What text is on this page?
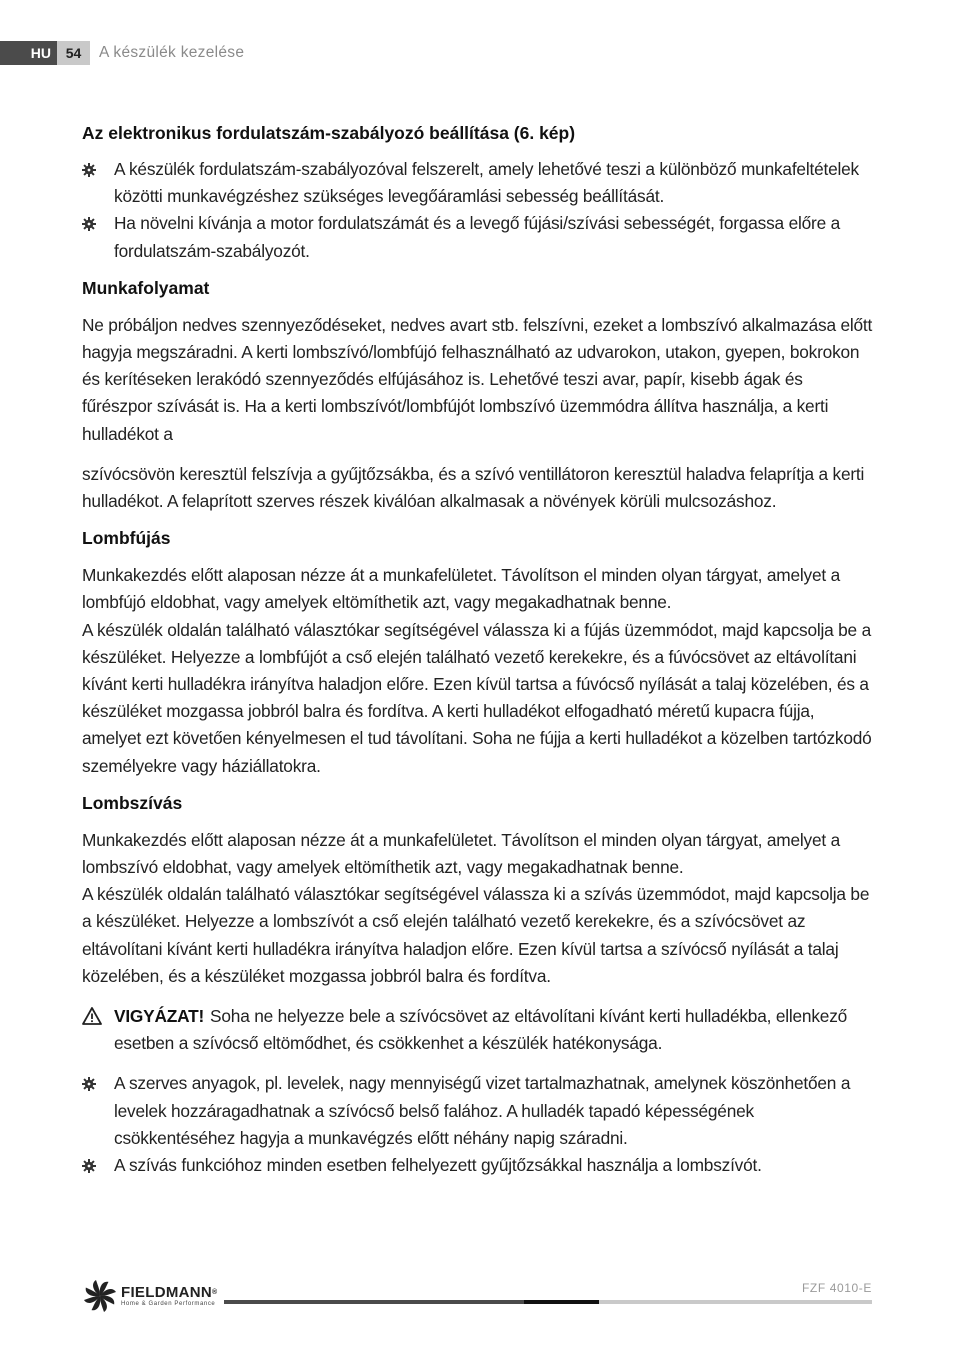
HU	54	A készülék kezelése
Az elektronikus fordulatszám-szabályozó beállítása (6. kép)
A készülék fordulatszám-szabályozóval felszerelt, amely lehetővé teszi a különböző munkafeltételek közötti munkavégzéshez szükséges levegőáramlási sebesség beállítását.
Ha növelni kívánja a motor fordulatszámát és a levegő fújási/szívási sebességét, forgassa előre a fordulatszám-szabályozót.
Munkafolyamat

Ne próbáljon nedves szennyeződéseket, nedves avart stb. felszívni, ezeket a lombszívó alkalmazása előtt hagyja megszáradni. A kerti lombszívó/lombfújó felhasználható az udvarokon, utakon, gyepen, bokrokon és kerítéseken lerakódó szennyeződés elfújásához is. Lehetővé teszi avar, papír, kisebb ágak és fűrészpor szívását is. Ha a kerti lombszívót/lombfújót lombszívó üzemmódra állítva használja, a kerti hulladékot a

szívócsövön keresztül felszívja a gyűjtőzsákba, és a szívó ventillátoron keresztül haladva felaprítja a kerti hulladékot. A felaprított szerves részek kiválóan alkalmasak a növények körüli mulcsozáshoz.

Lombfújás

Munkakezdés előtt alaposan nézze át a munkafelületet. Távolítson el minden olyan tárgyat, amelyet a lombfújó eldobhat, vagy amelyek eltömíthetik azt, vagy megakadhatnak benne.

A készülék oldalán található választókar segítségével válassza ki a fújás üzemmódot, majd kapcsolja be a készüléket. Helyezze a lombfújót a cső elején található vezető kerekekre, és a fúvócsövet az eltávolítani kívánt kerti hulladékra irányítva haladjon előre. Ezen kívül tartsa a fúvócső nyílását a talaj közelében, és a készüléket mozgassa jobbról balra és fordítva. A kerti hulladékot elfogadható méretű kupacra fújja, amelyet ezt követően kényelmesen el tud távolítani. Soha ne fújja a kerti hulladékot a közelben tartózkodó személyekre vagy háziállatokra.

Lombszívás

Munkakezdés előtt alaposan nézze át a munkafelületet. Távolítson el minden olyan tárgyat, amelyet a lombszívó eldobhat, vagy amelyek eltömíthetik azt, vagy megakadhatnak benne.

A készülék oldalán található választókar segítségével válassza ki a szívás üzemmódot, majd kapcsolja be a készüléket. Helyezze a lombszívót a cső elején található vezető kerekekre, és a szívócsövet az eltávolítani kívánt kerti hulladékra irányítva haladjon előre. Ezen kívül tartsa a szívócső nyílását a talaj közelében, és a készüléket mozgassa jobbról balra és fordítva.

VIGYÁZAT! Soha ne helyezze bele a szívócsövet az eltávolítani kívánt kerti hulladékba, ellenkező esetben a szívócső eltömődhet, és csökkenhet a készülék hatékonysága.
A szerves anyagok, pl. levelek, nagy mennyiségű vizet tartalmazhatnak, amelynek köszönhetően a levelek hozzáragadhatnak a szívócső belső falához. A hulladék tapadó képességének csökkentéséhez hagyja a munkavégzés előtt néhány napig száradni.
A szívás funkcióhoz minden esetben felhelyezett gyűjtőzsákkal használja a lombszívót.
FIELDMANN®
Home & Garden Performance
FZF 4010-E
